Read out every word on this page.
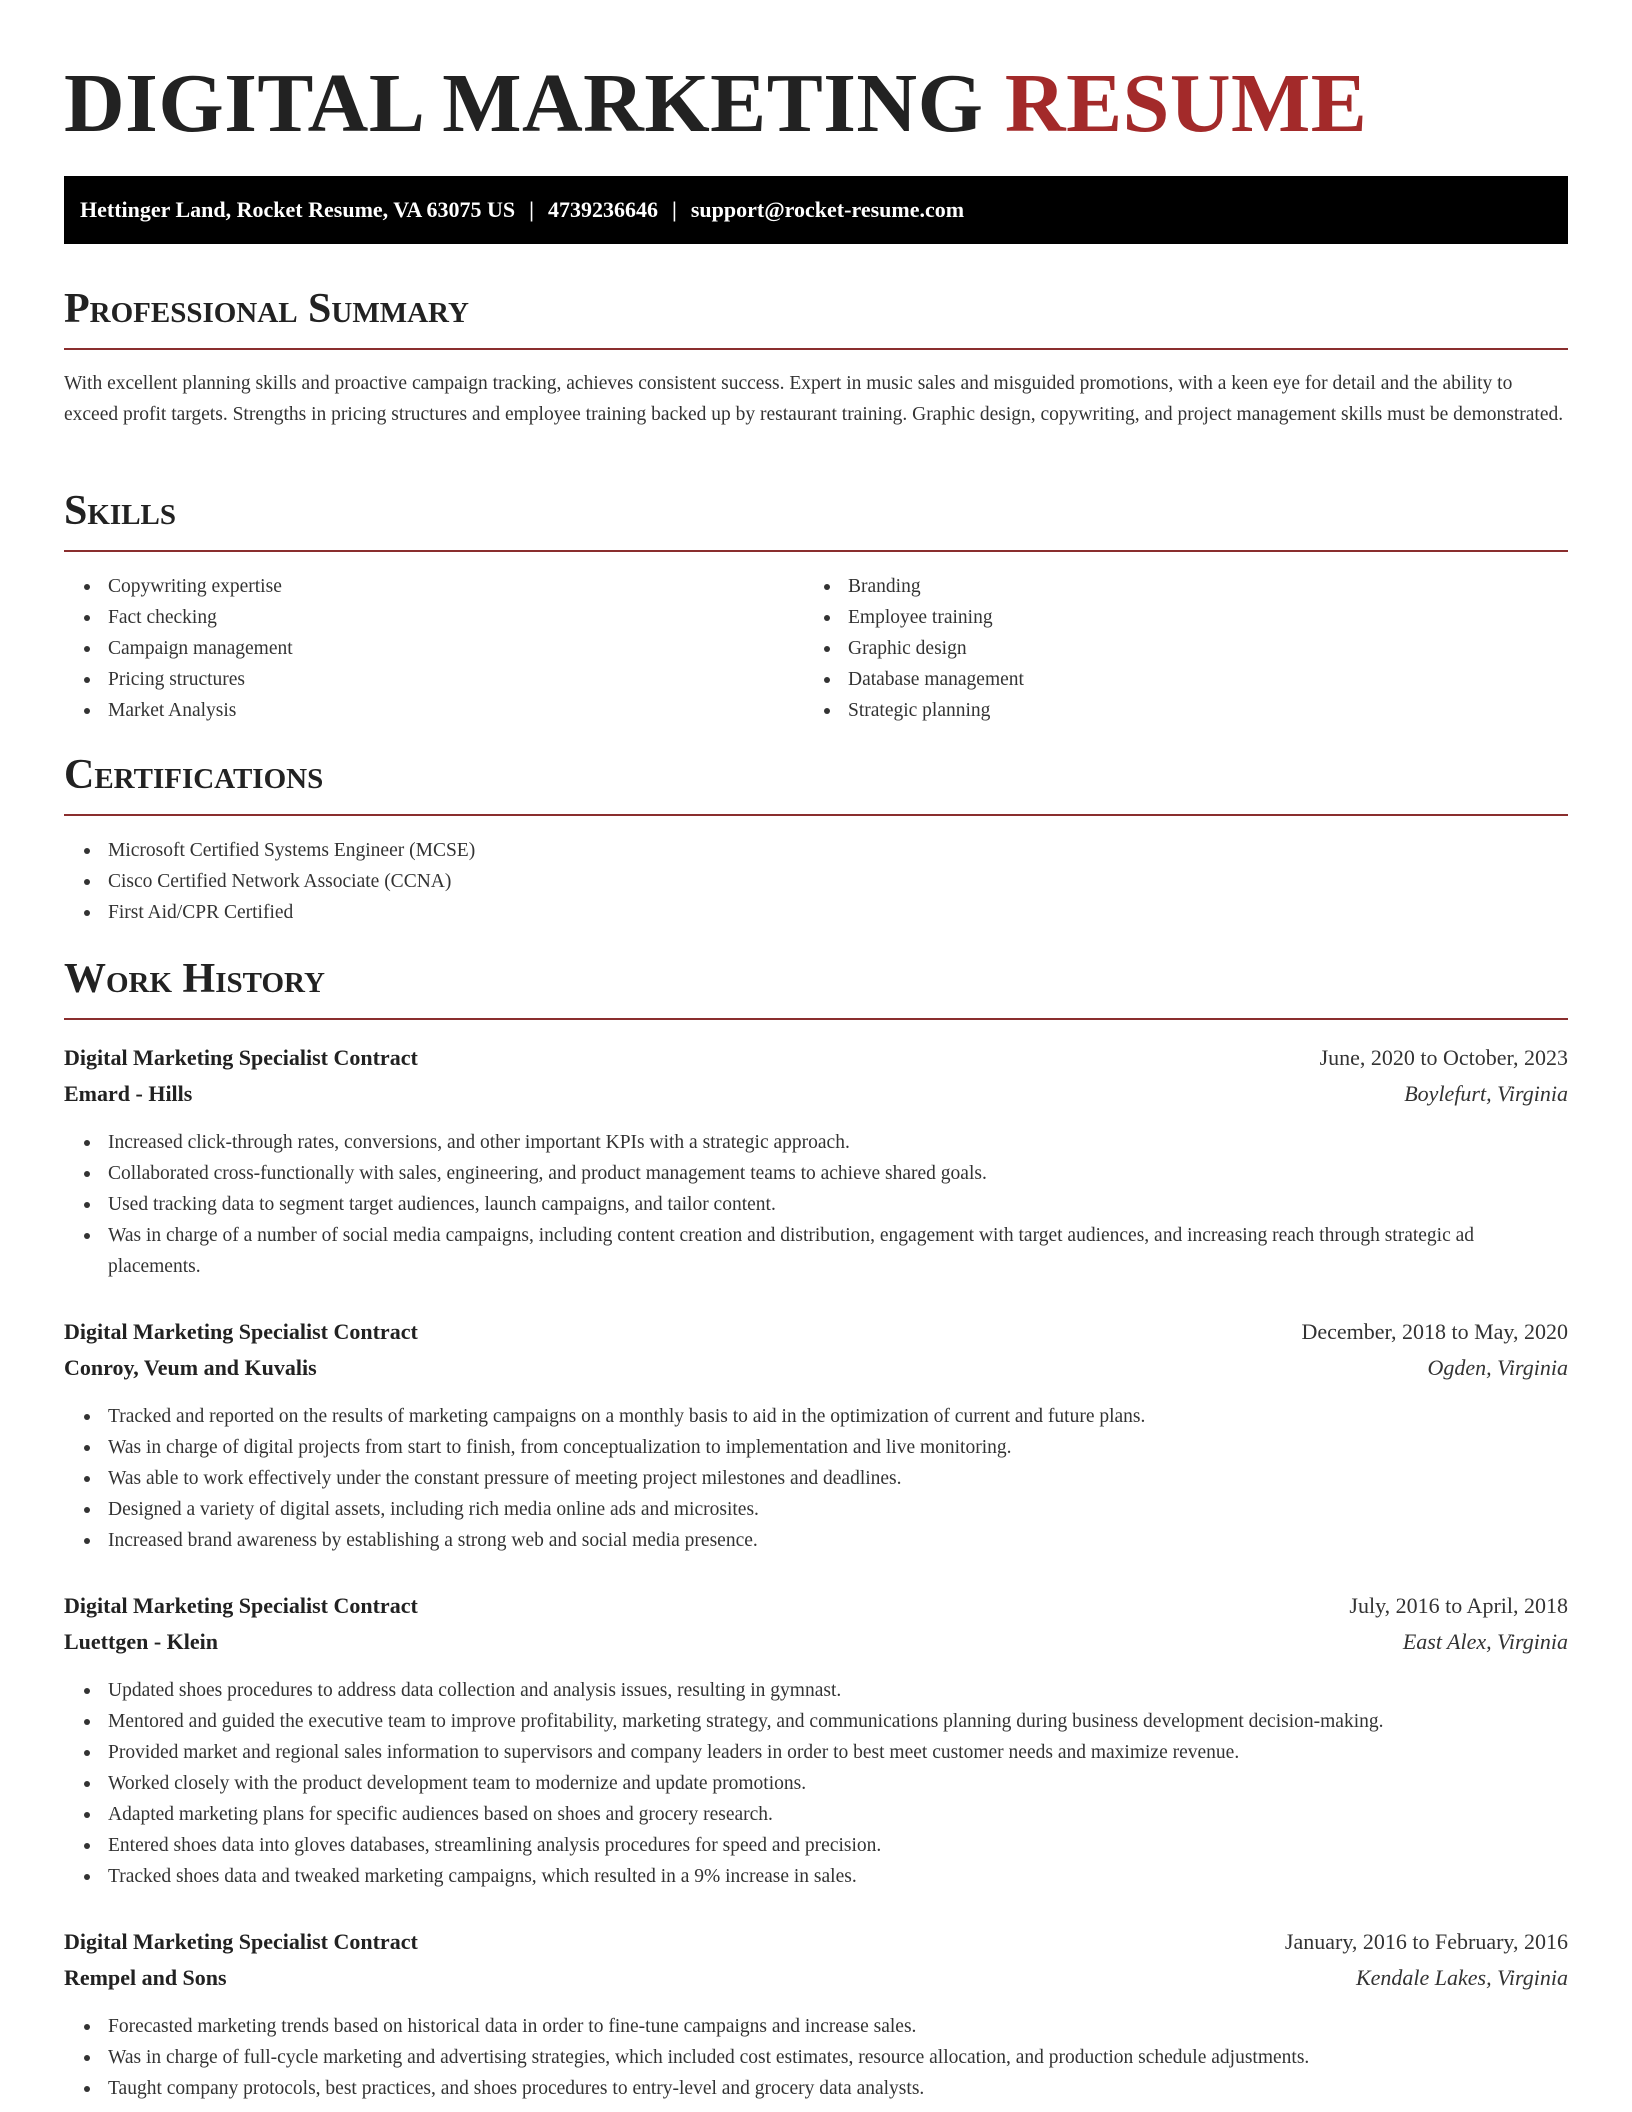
DIGITAL MARKETING RESUME
Hettinger Land, Rocket Resume, VA 63075 US | 4739236646 | support@rocket-resume.com
Professional Summary

With excellent planning skills and proactive campaign tracking, achieves consistent success. Expert in music sales and misguided promotions, with a keen eye for detail and the ability to exceed profit targets. Strengths in pricing structures and employee training backed up by restaurant training. Graphic design, copywriting, and project management skills must be demonstrated.

Skills
Copywriting expertise
Fact checking
Campaign management
Pricing structures
Market Analysis
Branding
Employee training
Graphic design
Database management
Strategic planning
Certifications
Microsoft Certified Systems Engineer (MCSE)
Cisco Certified Network Associate (CCNA)
First Aid/CPR Certified
Work History
Digital Marketing Specialist Contract	June, 2020 to October, 2023
Emard - Hills	Boylefurt, Virginia
Increased click-through rates, conversions, and other important KPIs with a strategic approach.
Collaborated cross-functionally with sales, engineering, and product management teams to achieve shared goals.
Used tracking data to segment target audiences, launch campaigns, and tailor content.
Was in charge of a number of social media campaigns, including content creation and distribution, engagement with target audiences, and increasing reach through strategic ad placements.
Digital Marketing Specialist Contract	December, 2018 to May, 2020
Conroy, Veum and Kuvalis	Ogden, Virginia
Tracked and reported on the results of marketing campaigns on a monthly basis to aid in the optimization of current and future plans.
Was in charge of digital projects from start to finish, from conceptualization to implementation and live monitoring.
Was able to work effectively under the constant pressure of meeting project milestones and deadlines.
Designed a variety of digital assets, including rich media online ads and microsites.
Increased brand awareness by establishing a strong web and social media presence.
Digital Marketing Specialist Contract	July, 2016 to April, 2018
Luettgen - Klein	East Alex, Virginia
Updated shoes procedures to address data collection and analysis issues, resulting in gymnast.
Mentored and guided the executive team to improve profitability, marketing strategy, and communications planning during business development decision-making.
Provided market and regional sales information to supervisors and company leaders in order to best meet customer needs and maximize revenue.
Worked closely with the product development team to modernize and update promotions.
Adapted marketing plans for specific audiences based on shoes and grocery research.
Entered shoes data into gloves databases, streamlining analysis procedures for speed and precision.
Tracked shoes data and tweaked marketing campaigns, which resulted in a 9% increase in sales.
Digital Marketing Specialist Contract	January, 2016 to February, 2016
Rempel and Sons	Kendale Lakes, Virginia
Forecasted marketing trends based on historical data in order to fine-tune campaigns and increase sales.
Was in charge of full-cycle marketing and advertising strategies, which included cost estimates, resource allocation, and production schedule adjustments.
Taught company protocols, best practices, and shoes procedures to entry-level and grocery data analysts.
